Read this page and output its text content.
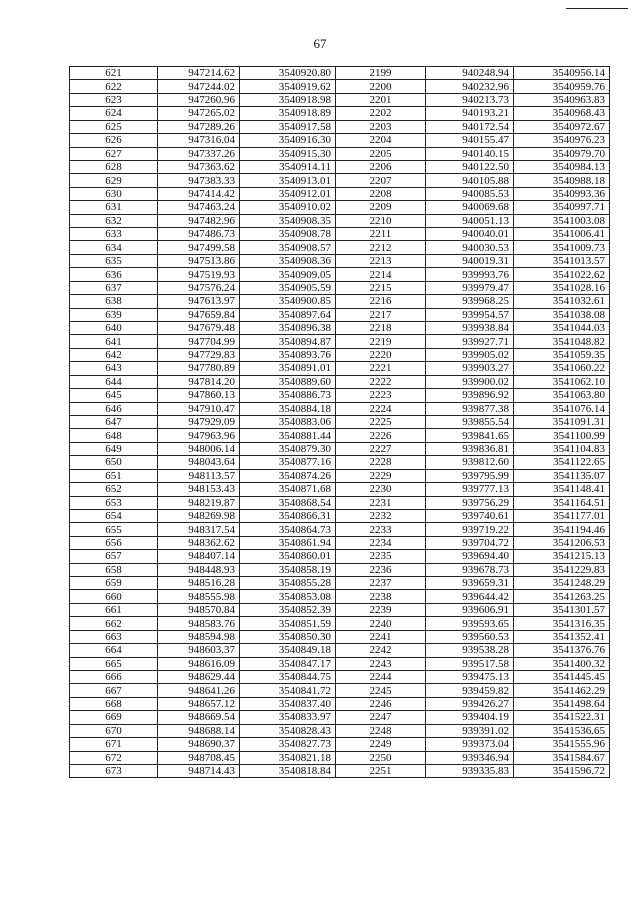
67
621	947214.62	3540920.80	2199	940248.94	3540956.14
622	947244.02	3540919.62	2200	940232.96	3540959.76
623	947260.96	3540918.98	2201	940213.73	3540963.83
624	947265.02	3540918.89	2202	940193.21	3540968.43
625	947289.26	3540917.58	2203	940172.54	3540972.67
626	947316.04	3540916.30	2204	940155.47	3540976.23
627	947337.26	3540915.30	2205	940140.15	3540979.70
628	947363.62	3540914.11	2206	940122.50	3540984.13
629	947383.33	3540913.01	2207	940105.88	3540988.18
630	947414.42	3540912.01	2208	940085.53	3540993.36
631	947463.24	3540910.02	2209	940069.68	3540997.71
632	947482.96	3540908.35	2210	940051.13	3541003.08
633	947486.73	3540908.78	2211	940040.01	3541006.41
634	947499.58	3540908.57	2212	940030.53	3541009.73
635	947513.86	3540908.36	2213	940019.31	3541013.57
636	947519.93	3540909.05	2214	939993.76	3541022.62
637	947576.24	3540905.59	2215	939979.47	3541028.16
638	947613.97	3540900.85	2216	939968.25	3541032.61
639	947659.84	3540897.64	2217	939954.57	3541038.08
640	947679.48	3540896.38	2218	939938.84	3541044.03
641	947704.99	3540894.87	2219	939927.71	3541048.82
642	947729.83	3540893.76	2220	939905.02	3541059.35
643	947780.89	3540891.01	2221	939903.27	3541060.22
644	947814.20	3540889.60	2222	939900.02	3541062.10
645	947860.13	3540886.73	2223	939896.92	3541063.80
646	947910.47	3540884.18	2224	939877.38	3541076.14
647	947929.09	3540883.06	2225	939855.54	3541091.31
648	947963.96	3540881.44	2226	939841.65	3541100.99
649	948006.14	3540879.30	2227	939836.81	3541104.83
650	948043.64	3540877.16	2228	939812.60	3541122.65
651	948113.57	3540874.26	2229	939795.99	3541135.07
652	948153.43	3540871.68	2230	939777.13	3541148.41
653	948219.87	3540868.54	2231	939756.29	3541164.51
654	948269.98	3540866.31	2232	939740.61	3541177.01
655	948317.54	3540864.73	2233	939719.22	3541194.46
656	948362.62	3540861.94	2234	939704.72	3541206.53
657	948407.14	3540860.01	2235	939694.40	3541215.13
658	948448.93	3540858.19	2236	939678.73	3541229.83
659	948516.28	3540855.28	2237	939659.31	3541248.29
660	948555.98	3540853.08	2238	939644.42	3541263.25
661	948570.84	3540852.39	2239	939606.91	3541301.57
662	948583.76	3540851.59	2240	939593.65	3541316.35
663	948594.98	3540850.30	2241	939560.53	3541352.41
664	948603.37	3540849.18	2242	939538.28	3541376.76
665	948616.09	3540847.17	2243	939517.58	3541400.32
666	948629.44	3540844.75	2244	939475.13	3541445.45
667	948641.26	3540841.72	2245	939459.82	3541462.29
668	948657.12	3540837.40	2246	939426.27	3541498.64
669	948669.54	3540833.97	2247	939404.19	3541522.31
670	948688.14	3540828.43	2248	939391.02	3541536.65
671	948690.37	3540827.73	2249	939373.04	3541555.96
672	948708.45	3540821.18	2250	939346.94	3541584.67
673	948714.43	3540818.84	2251	939335.83	3541596.72
